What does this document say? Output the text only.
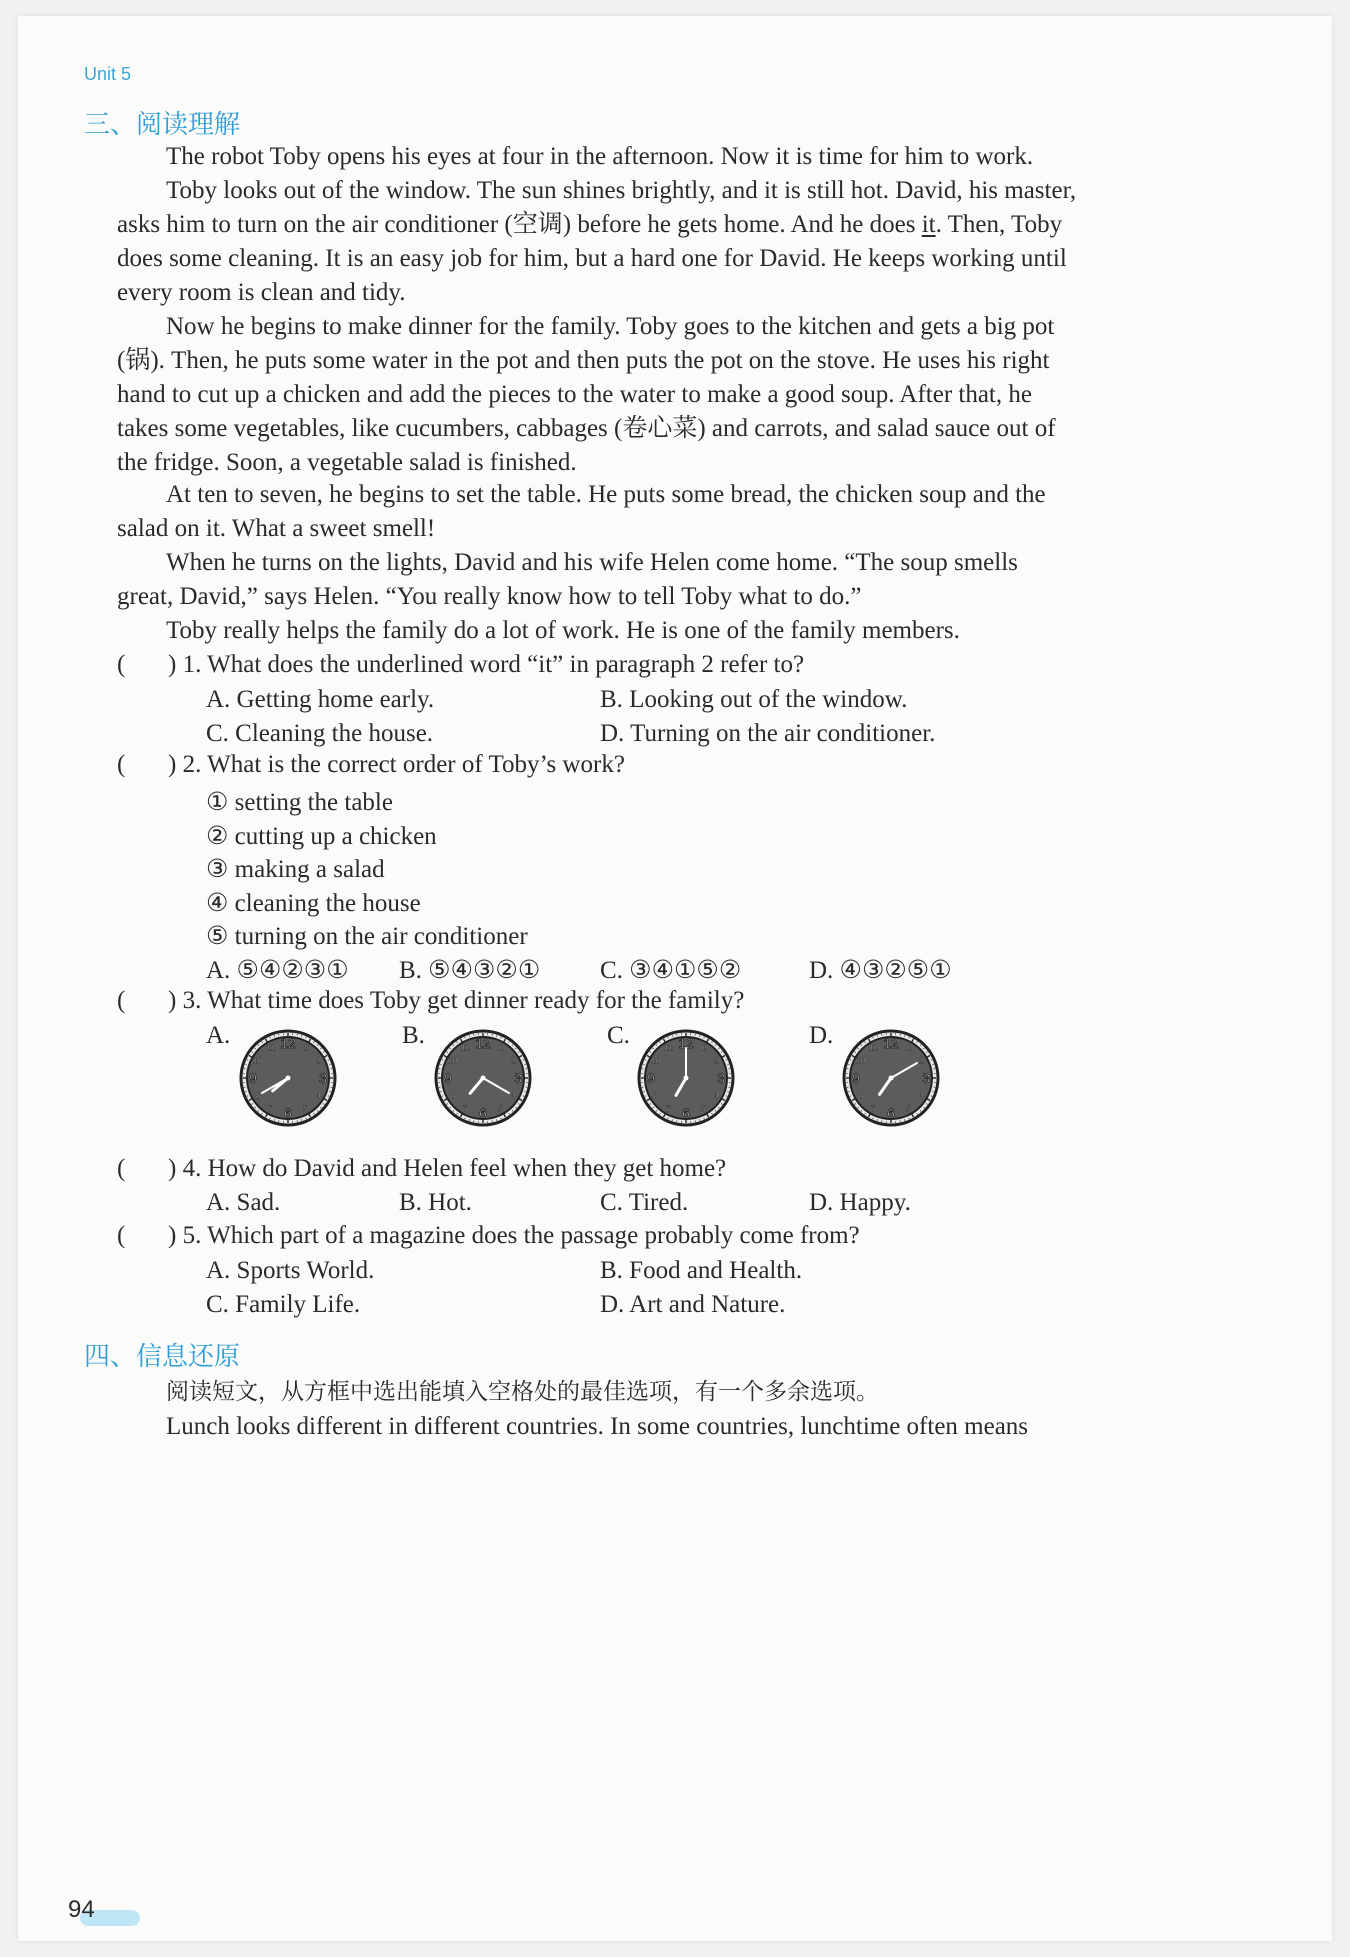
Unit 5
三、阅读理解
The robot Toby opens his eyes at four in the afternoon. Now it is time for him to work.
Toby looks out of the window. The sun shines brightly, and it is still hot. David, his master,
asks him to turn on the air conditioner (空调) before he gets home. And he does it. Then, Toby
does some cleaning. It is an easy job for him, but a hard one for David. He keeps working until
every room is clean and tidy.
Now he begins to make dinner for the family. Toby goes to the kitchen and gets a big pot
(锅). Then, he puts some water in the pot and then puts the pot on the stove. He uses his right
hand to cut up a chicken and add the pieces to the water to make a good soup. After that, he
takes some vegetables, like cucumbers, cabbages (卷心菜) and carrots, and salad sauce out of
the fridge. Soon, a vegetable salad is finished.
At ten to seven, he begins to set the table. He puts some bread, the chicken soup and the
salad on it. What a sweet smell!
When he turns on the lights, David and his wife Helen come home. “The soup smells
great, David,” says Helen. “You really know how to tell Toby what to do.”
Toby really helps the family do a lot of work. He is one of the family members.
( ) 1. What does the underlined word “it” in paragraph 2 refer to?
A. Getting home early.	B. Looking out of the window.
C. Cleaning the house.	D. Turning on the air conditioner.
( ) 2. What is the correct order of Toby’s work?
① setting the table
② cutting up a chicken
③ making a salad
④ cleaning the house
⑤ turning on the air conditioner
A. ⑤④②③① B. ⑤④③②① C. ③④①⑤②	D. ④③②⑤①
( ) 3. What time does Toby get dinner ready for the family?
A.	B.	C.	D.
12 1
2
3
4
5
6
7
8
9
10
11	12 1
2
3
4
5
6
7
8
9
10
11	12 1
2
3
4
5
6
7
8
9
10
11	12 1
2
3
4
5
6
7
8
9
10
11
( ) 4. How do David and Helen feel when they get home?
A. Sad.	B. Hot.	C. Tired.	D. Happy.
( ) 5. Which part of a magazine does the passage probably come from?
A. Sports World.	B. Food and Health.
C. Family Life.	D. Art and Nature.
四、信息还原
阅读短文，从方框中选出能填入空格处的最佳选项，有一个多余选项。
Lunch looks different in different countries. In some countries, lunchtime often means
94
